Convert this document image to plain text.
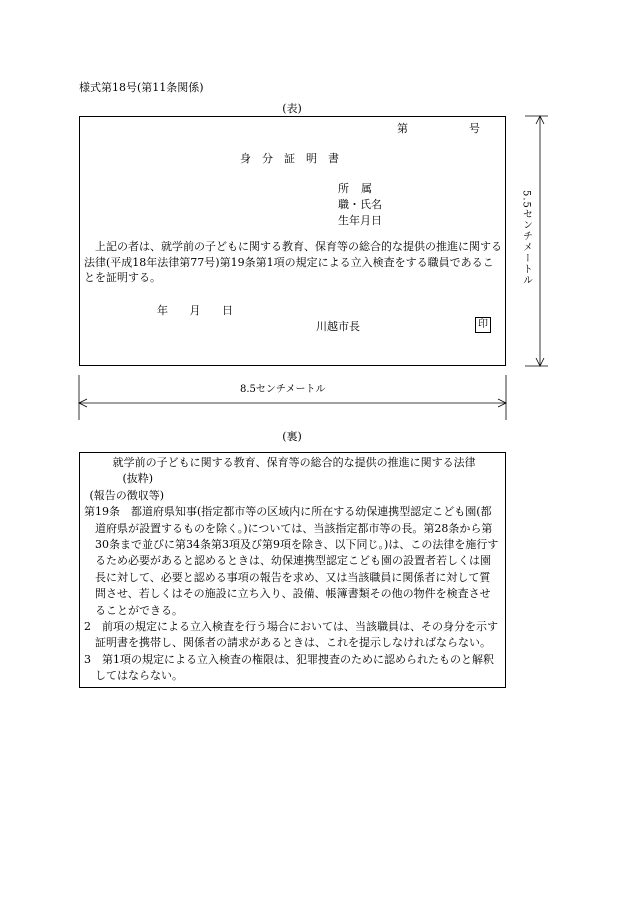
様式第18号(第11条関係)
(表)
第	号
身分証明書
所属
職・氏名
生年月日
上記の者は、就学前の子どもに関する教育、保育等の総合的な提供の推進に関する法律(平成18年法律第77号)第19条第1項の規定による立入検査をする職員であることを証明する。
年 月 日
川越市長	印
5.5センチメートル
8.5センチメートル
(裏)
就学前の子どもに関する教育、保育等の総合的な提供の推進に関する法律
(抜粋)
(報告の徴収等)
第19条　都道府県知事(指定都市等の区域内に所在する幼保連携型認定こども園(都道府県が設置するものを除く。)については、当該指定都市等の長。第28条から第30条まで並びに第34条第3項及び第9項を除き、以下同じ。)は、この法律を施行するため必要があると認めるときは、幼保連携型認定こども園の設置者若しくは園長に対して、必要と認める事項の報告を求め、又は当該職員に関係者に対して質問させ、若しくはその施設に立ち入り、設備、帳簿書類その他の物件を検査させることができる。
2　前項の規定による立入検査を行う場合においては、当該職員は、その身分を示す証明書を携帯し、関係者の請求があるときは、これを提示しなければならない。
3　第1項の規定による立入検査の権限は、犯罪捜査のために認められたものと解釈してはならない。
